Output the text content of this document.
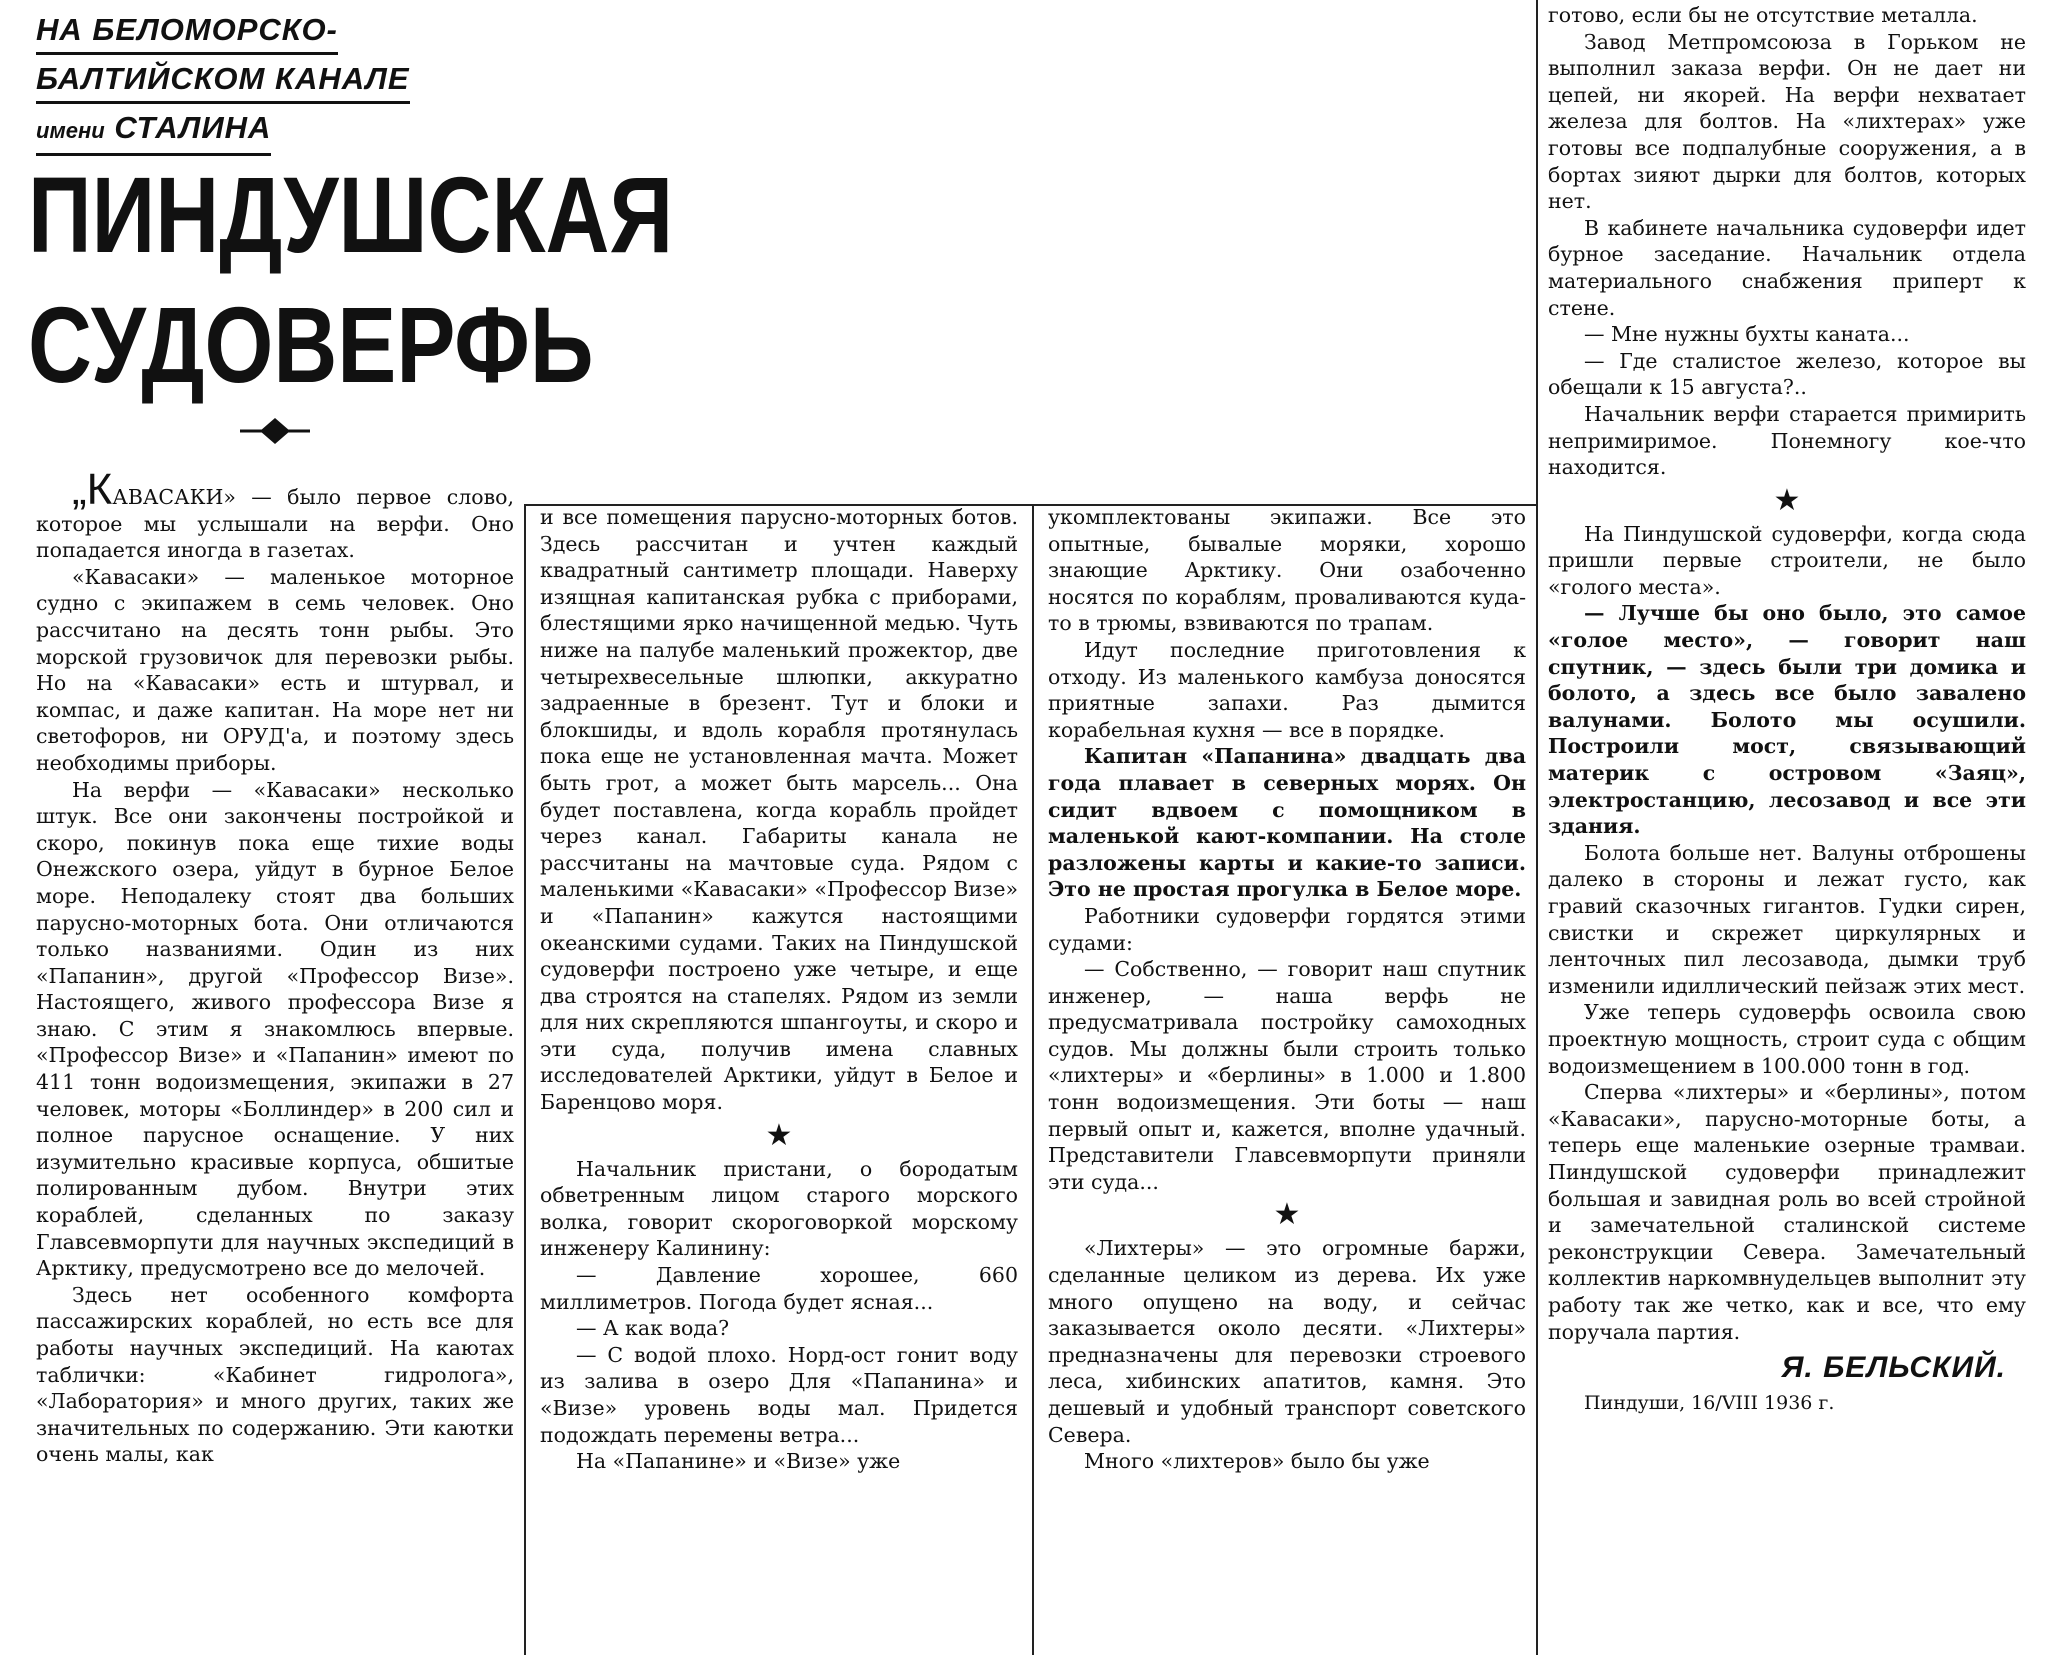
НА БЕЛОМОРСКО-
БАЛТИЙСКОМ КАНАЛЕ
имени СТАЛИНА
ПИНДУШСКАЯ
СУДОВЕРФЬ

„КАВАСАКИ» — было первое слово, которое мы услышали на верфи. Оно попадается иногда в газетах.

«Кавасаки» — маленькое моторное судно с экипажем в семь человек. Оно рассчитано на десять тонн рыбы. Это морской грузовичок для перевозки рыбы. Но на «Кавасаки» есть и штурвал, и компас, и даже капитан. На море нет ни светофоров, ни ОРУД'а, и поэтому здесь необходимы приборы.

На верфи — «Кавасаки» несколько штук. Все они закончены постройкой и скоро, покинув пока еще тихие воды Онежского озера, уйдут в бурное Белое море. Неподалеку стоят два больших парусно-моторных бота. Они отличаются только названиями. Один из них «Папанин», другой «Профессор Визе». Настоящего, живого профессора Визе я знаю. С этим я знакомлюсь впервые. «Профессор Визе» и «Папанин» имеют по 411 тонн водоизмещения, экипажи в 27 человек, моторы «Боллиндер» в 200 сил и полное парусное оснащение. У них изумительно красивые корпуса, обшитые полированным дубом. Внутри этих кораблей, сделанных по заказу Главсевморпути для научных экспедиций в Арктику, предусмотрено все до мелочей.

Здесь нет особенного комфорта пассажирских кораблей, но есть все для работы научных экспедиций. На каютах таблички: «Кабинет гидролога», «Лаборатория» и много других, таких же значительных по содержанию. Эти каютки очень малы, как

и все помещения парусно-моторных ботов. Здесь рассчитан и учтен каждый квадратный сантиметр площади. Наверху изящная капитанская рубка с приборами, блестящими ярко начищенной медью. Чуть ниже на палубе маленький прожектор, две четырехвесельные шлюпки, аккуратно задраенные в брезент. Тут и блоки и блокшиды, и вдоль корабля протянулась пока еще не установленная мачта. Может быть грот, а может быть марсель... Она будет поставлена, когда корабль пройдет через канал. Габариты канала не рассчитаны на мачтовые суда. Рядом с маленькими «Кавасаки» «Профессор Визе» и «Папанин» кажутся настоящими океанскими судами. Таких на Пиндушской судоверфи построено уже четыре, и еще два строятся на стапелях. Рядом из земли для них скрепляются шпангоуты, и скоро и эти суда, получив имена славных исследователей Арктики, уйдут в Белое и Баренцово моря.

★

Начальник пристани, о бородатым обветренным лицом старого морского волка, говорит скороговоркой морскому инженеру Калинину:

— Давление хорошее, 660 миллиметров. Погода будет ясная...

— А как вода?

— С водой плохо. Норд-ост гонит воду из залива в озеро Для «Папанина» и «Визе» уровень воды мал. Придется подождать перемены ветра...

На «Папанине» и «Визе» уже

укомплектованы экипажи. Все это опытные, бывалые моряки, хорошо знающие Арктику. Они озабоченно носятся по кораблям, проваливаются куда-то в трюмы, взвиваются по трапам.

Идут последние приготовления к отходу. Из маленького камбуза доносятся приятные запахи. Раз дымится корабельная кухня — все в порядке.

Капитан «Папанина» двадцать два года плавает в северных морях. Он сидит вдвоем с помощником в маленькой кают-компании. На столе разложены карты и какие-то записи. Это не простая прогулка в Белое море.

Работники судоверфи гордятся этими судами:

— Собственно, — говорит наш спутник инженер, — наша верфь не предусматривала постройку самоходных судов. Мы должны были строить только «лихтеры» и «берлины» в 1.000 и 1.800 тонн водоизмещения. Эти боты — наш первый опыт и, кажется, вполне удачный. Представители Главсевморпути приняли эти суда...

★

«Лихтеры» — это огромные баржи, сделанные целиком из дерева. Их уже много опущено на воду, и сейчас заказывается около десяти. «Лихтеры» предназначены для перевозки строевого леса, хибинских апатитов, камня. Это дешевый и удобный транспорт советского Севера.

Много «лихтеров» было бы уже

готово, если бы не отсутствие металла.

Завод Метпромсоюза в Горьком не выполнил заказа верфи. Он не дает ни цепей, ни якорей. На верфи нехватает железа для болтов. На «лихтерах» уже готовы все подпалубные сооружения, а в бортах зияют дырки для болтов, которых нет.

В кабинете начальника судоверфи идет бурное заседание. Начальник отдела материального снабжения приперт к стене.

— Мне нужны бухты каната...

— Где сталистое железо, которое вы обещали к 15 августа?..

Начальник верфи старается примирить непримиримое. Понемногу кое-что находится.

★

На Пиндушской судоверфи, когда сюда пришли первые строители, не было «голого места».

— Лучше бы оно было, это самое «голое место», — говорит наш спутник, — здесь были три домика и болото, а здесь все было завалено валунами. Болото мы осушили. Построили мост, связывающий материк с островом «Заяц», электростанцию, лесозавод и все эти здания.

Болота больше нет. Валуны отброшены далеко в стороны и лежат густо, как гравий сказочных гигантов. Гудки сирен, свистки и скрежет циркулярных и ленточных пил лесозавода, дымки труб изменили идиллический пейзаж этих мест.

Уже теперь судоверфь освоила свою проектную мощность, строит суда с общим водоизмещением в 100.000 тонн в год.

Сперва «лихтеры» и «берлины», потом «Кавасаки», парусно-моторные боты, а теперь еще маленькие озерные трамваи. Пиндушской судоверфи принадлежит большая и завидная роль во всей стройной и замечательной сталинской системе реконструкции Севера. Замечательный коллектив наркомвнудельцев выполнит эту работу так же четко, как и все, что ему поручала партия.

Я. БЕЛЬСКИЙ.

Пиндуши, 16/VIII 1936 г.
